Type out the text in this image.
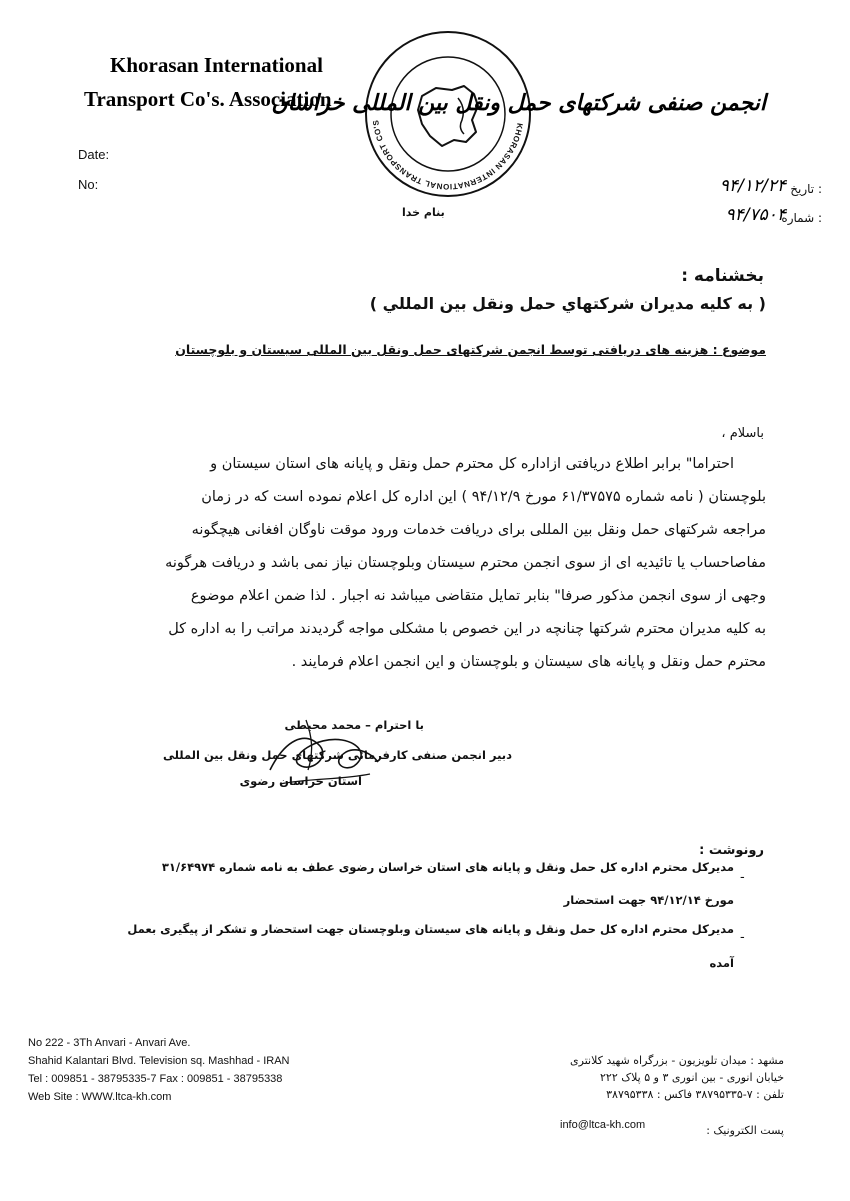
Khorasan International
Transport Co's. Association
KHORASAN INTERNATIONAL TRANSPORT CO'S
انجمن صنفی شرکتهای حمل ونقل بین المللی خراسان
Date:
No:	: تاریخ
۹۴/۱۲/۲۴
: شماره
۹۴/۷۵۰۴
بنام خدا
بخشنامه :
( به کلیه مدیران شرکتهاي حمل ونقل بین المللي )
موضوع : هزینه های دریافتی توسط انجمن شرکتهای حمل ونقل بین المللی سیستان و بلوچستان
باسلام ،
احتراما" برابر اطلاع دریافتی ازاداره کل محترم حمل ونقل و پایانه های استان سیستان و
بلوچستان ( نامه شماره ۶۱/۳۷۵۷۵ مورخ ۹۴/۱۲/۹ ) این اداره کل اعلام نموده است که در زمان
مراجعه شرکتهای حمل ونقل بین المللی برای دریافت خدمات ورود موقت ناوگان افغانی هیچگونه
مفاصاحساب یا تائیدیه ای از سوی انجمن محترم سیستان وبلوچستان نیاز نمی باشد و دریافت هرگونه
وجهی از سوی انجمن مذکور صرفا" بنابر تمایل متقاضی میباشد نه اجبار . لذا ضمن اعلام موضوع
به کلیه مدیران محترم شرکتها چنانچه در این خصوص با مشکلی مواجه گردیدند مراتب را به اداره کل
محترم حمل ونقل و پایانه های سیستان و بلوچستان و این انجمن اعلام فرمایند .
با احترام – محمد محیطی
دبیر انجمن صنفی کارفرمائی شرکتهای حمل ونقل بین المللی
استان خراسان رضوی
رونوشت :
-
مدیرکل محترم اداره کل حمل ونقل و پایانه های استان خراسان رضوی عطف به نامه شماره ۳۱/۶۴۹۷۴
مورخ ۹۴/۱۲/۱۴ جهت استحضار
-
مدیرکل محترم اداره کل حمل ونقل و پایانه های سیستان وبلوچستان جهت استحضار و تشکر از پیگیری بعمل
آمده
No 222 - 3Th Anvari - Anvari Ave.
Shahid Kalantari Blvd. Television sq. Mashhad - IRAN
Tel : 009851 - 38795335-7 Fax : 009851 - 38795338
Web Site : WWW.ltca-kh.com
مشهد : میدان تلویزیون - بزرگراه شهید کلانتری
خیابان انوری - بین انوری ۳ و ۵ پلاک ۲۲۲
تلفن : ۷-۳۸۷۹۵۳۳۵ فاکس : ۳۸۷۹۵۳۳۸
info@ltca-kh.com	پست الکترونیک :
